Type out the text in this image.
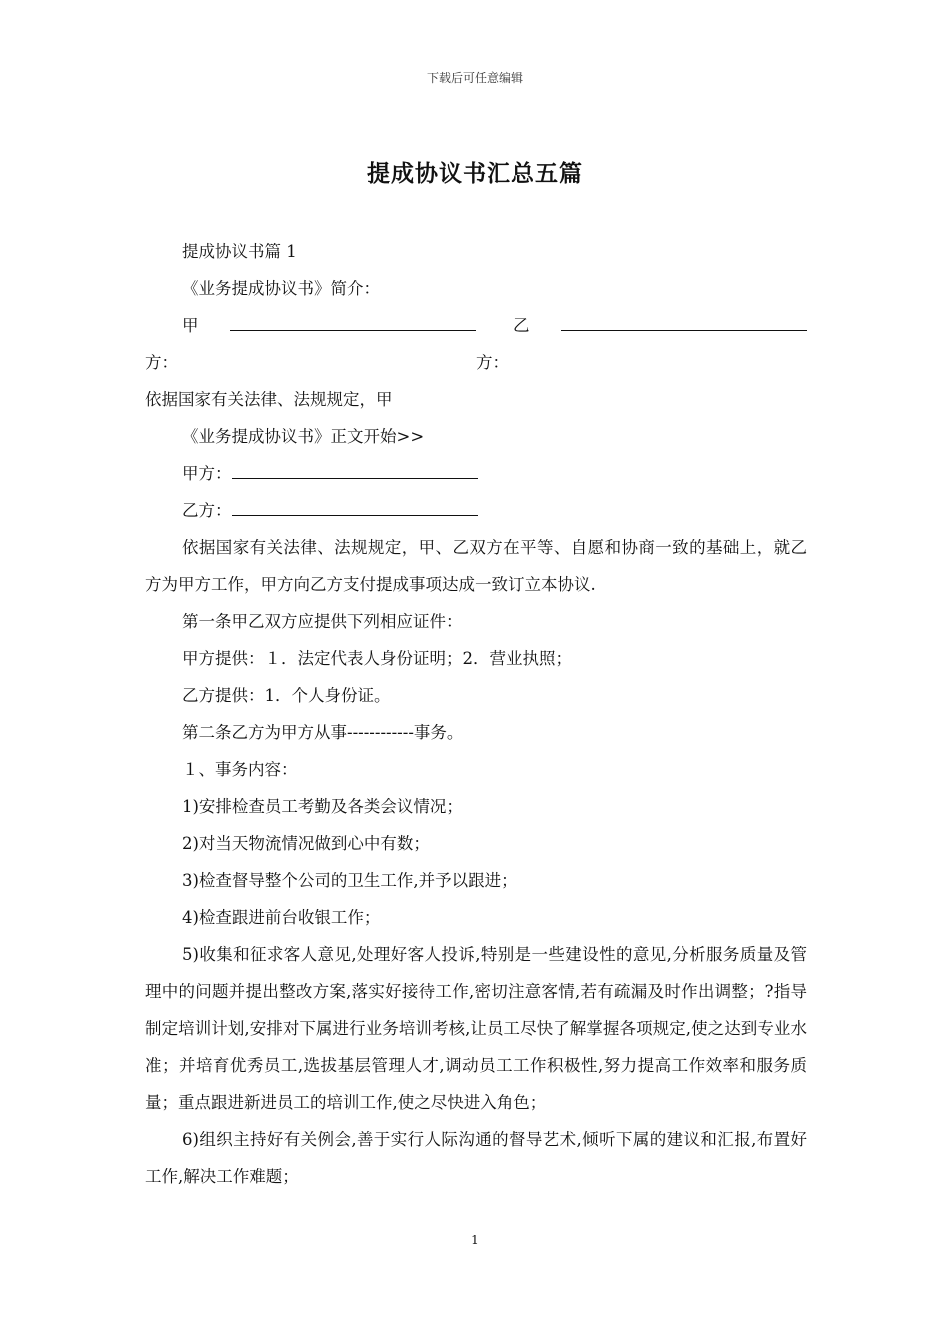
下载后可任意编辑
提成协议书汇总五篇

提成协议书篇 1

《业务提成协议书》简介：

甲方：
乙方：

依据国家有关法律、法规规定，甲

《业务提成协议书》正文开始>>

甲方：

乙方：

依据国家有关法律、法规规定，甲、乙双方在平等、自愿和协商一致的基础上，就乙方为甲方工作，甲方向乙方支付提成事项达成一致订立本协议.

第一条甲乙双方应提供下列相应证件：

甲方提供：１．法定代表人身份证明；2．营业执照；

乙方提供：1．个人身份证。

第二条乙方为甲方从事------------事务。

１、事务内容：

1)安排检查员工考勤及各类会议情况；

2)对当天物流情况做到心中有数；

3)检查督导整个公司的卫生工作,并予以跟进；

4)检查跟进前台收银工作；

5)收集和征求客人意见,处理好客人投诉,特别是一些建设性的意见,分析服务质量及管理中的问题并提出整改方案,落实好接待工作,密切注意客情,若有疏漏及时作出调整；?指导制定培训计划,安排对下属进行业务培训考核,让员工尽快了解掌握各项规定,使之达到专业水准；并培育优秀员工,选拔基层管理人才,调动员工工作积极性,努力提高工作效率和服务质量；重点跟进新进员工的培训工作,使之尽快进入角色；

6)组织主持好有关例会,善于实行人际沟通的督导艺术,倾听下属的建议和汇报,布置好工作,解决工作难题；

1
